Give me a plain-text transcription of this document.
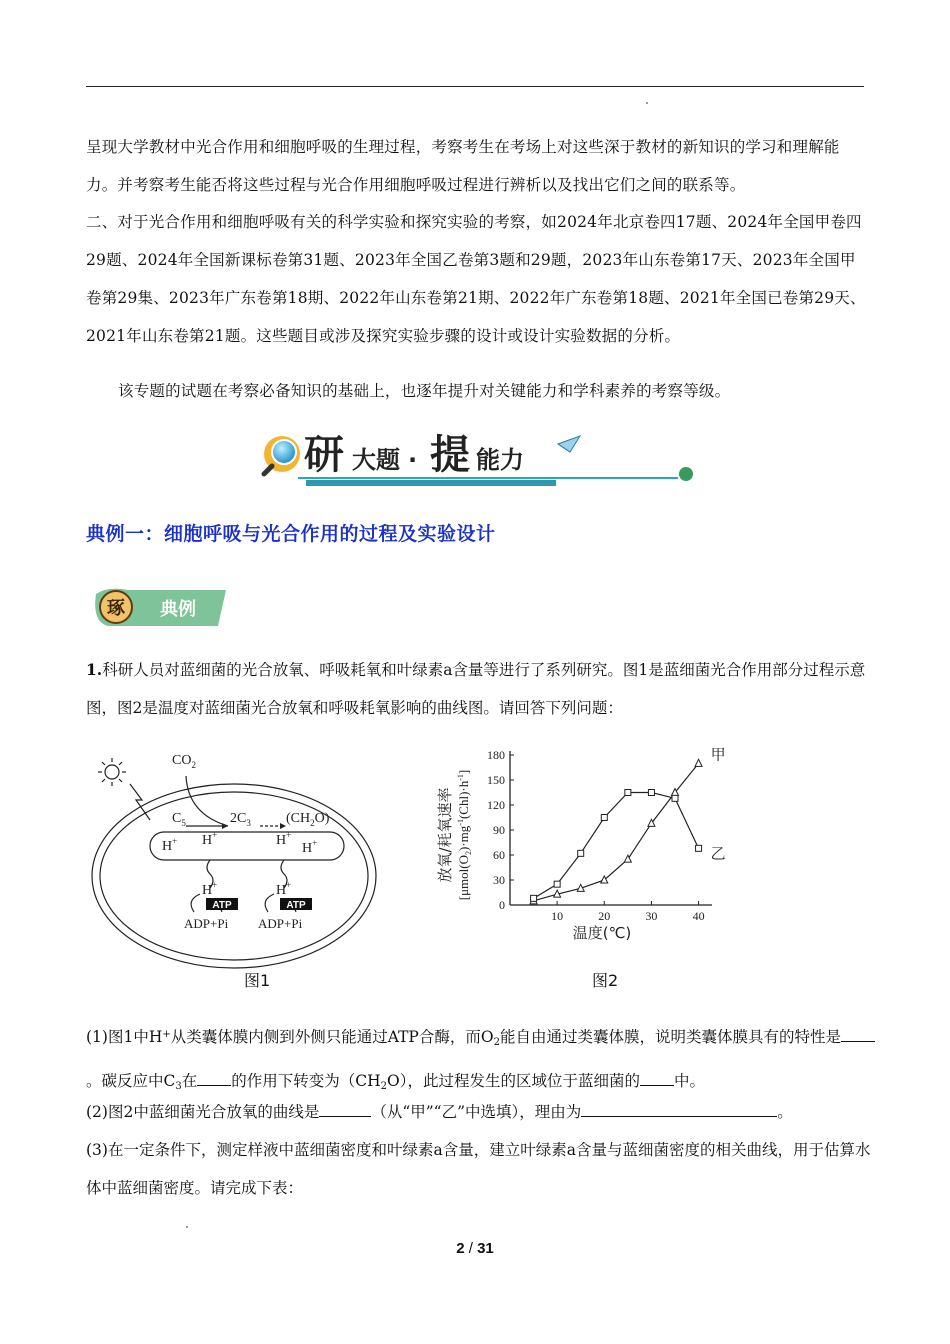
呈现大学教材中光合作用和细胞呼吸的生理过程，考察考生在考场上对这些深于教材的新知识的学习和理解能力。并考察考生能否将这些过程与光合作用细胞呼吸过程进行辨析以及找出它们之间的联系等。

二、对于光合作用和细胞呼吸有关的科学实验和探究实验的考察，如2024年北京卷四17题、2024年全国甲卷四29题、2024年全国新课标卷第31题、2023年全国乙卷第3题和29题，2023年山东卷第17天、2023年全国甲卷第29集、2023年广东卷第18期、2022年山东卷第21期、2022年广东卷第18题、2021年全国已卷第29天、2021年山东卷第21题。这些题目或涉及探究实验步骤的设计或设计实验数据的分析。

该专题的试题在考察必备知识的基础上，也逐年提升对关键能力和学科素养的考察等级。

研 大题 · 提 能力
典例一：细胞呼吸与光合作用的过程及实验设计
琢 典例
1.科研人员对蓝细菌的光合放氧、呼吸耗氧和叶绿素a含量等进行了系列研究。图1是蓝细菌光合作用部分过程示意图，图2是温度对蓝细菌光合放氧和呼吸耗氧影响的曲线图。请回答下列问题：
$CO_2$
$C_5$	$2C_3$	$(CH_2O)$
H+ H+	H+
H+
H+	H+
ATP	ATP
ADP+Pi ADP+Pi
图1
0
30
60
90
120
150
180
10	20	30	40
甲
乙
温度(℃)
放氧/耗氧速率 $[\mu mol(O_2)\cdot mg^{-1}(Chl)\cdot h^{-1}]$
图2
(1)图1中H+从类囊体膜内侧到外侧只能通过ATP合酶，而$O_2$能自由通过类囊体膜，说明类囊体膜具有的特性是。碳反应中$C_3$在 的作用下转变为$(CH_2O)$，此过程发生的区域位于蓝细菌的 中。
(2)图2中蓝细菌光合放氧的曲线是	（从“甲”“乙”中选填），理由为	。
(3)在一定条件下，测定样液中蓝细菌密度和叶绿素a含量，建立叶绿素a含量与蓝细菌密度的相关曲线，用于估算水体中蓝细菌密度。请完成下表：
2 / 31
